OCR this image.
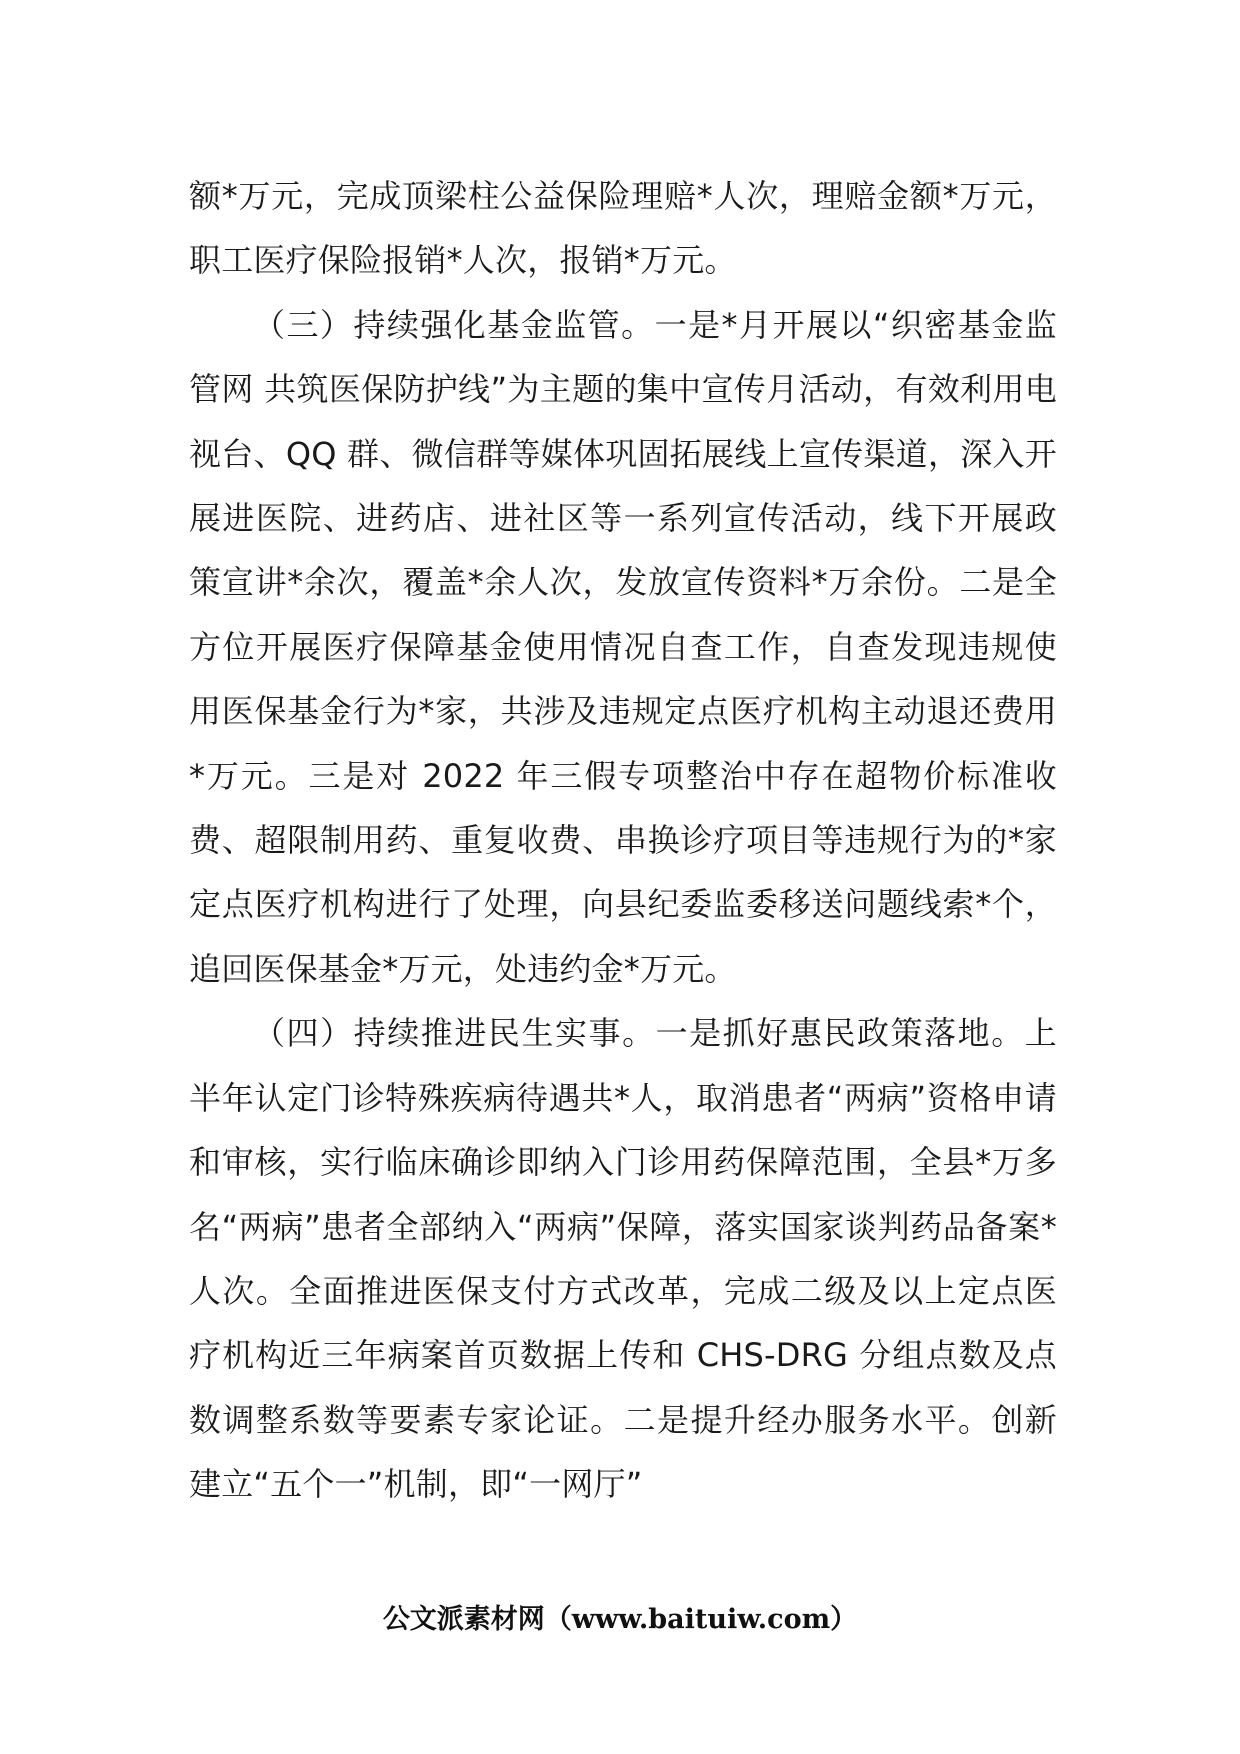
额*万元，完成顶梁柱公益保险理赔*人次，理赔金额*万元，职工医疗保险报销*人次，报销*万元。

（三）持续强化基金监管。一是*月开展以“织密基金监管网 共筑医保防护线”为主题的集中宣传月活动，有效利用电视台、QQ 群、微信群等媒体巩固拓展线上宣传渠道，深入开展进医院、进药店、进社区等一系列宣传活动，线下开展政策宣讲*余次，覆盖*余人次，发放宣传资料*万余份。二是全方位开展医疗保障基金使用情况自查工作，自查发现违规使用医保基金行为*家，共涉及违规定点医疗机构主动退还费用*万元。三是对 2022 年三假专项整治中存在超物价标准收费、超限制用药、重复收费、串换诊疗项目等违规行为的*家定点医疗机构进行了处理，向县纪委监委移送问题线索*个，追回医保基金*万元，处违约金*万元。

（四）持续推进民生实事。一是抓好惠民政策落地。上半年认定门诊特殊疾病待遇共*人，取消患者“两病”资格申请和审核，实行临床确诊即纳入门诊用药保障范围，全县*万多名“两病”患者全部纳入“两病”保障，落实国家谈判药品备案*人次。全面推进医保支付方式改革，完成二级及以上定点医疗机构近三年病案首页数据上传和 CHS-DRG 分组点数及点数调整系数等要素专家论证。二是提升经办服务水平。创新建立“五个一”机制，即“一网厅”

公文派素材网（www.baituiw.com）
